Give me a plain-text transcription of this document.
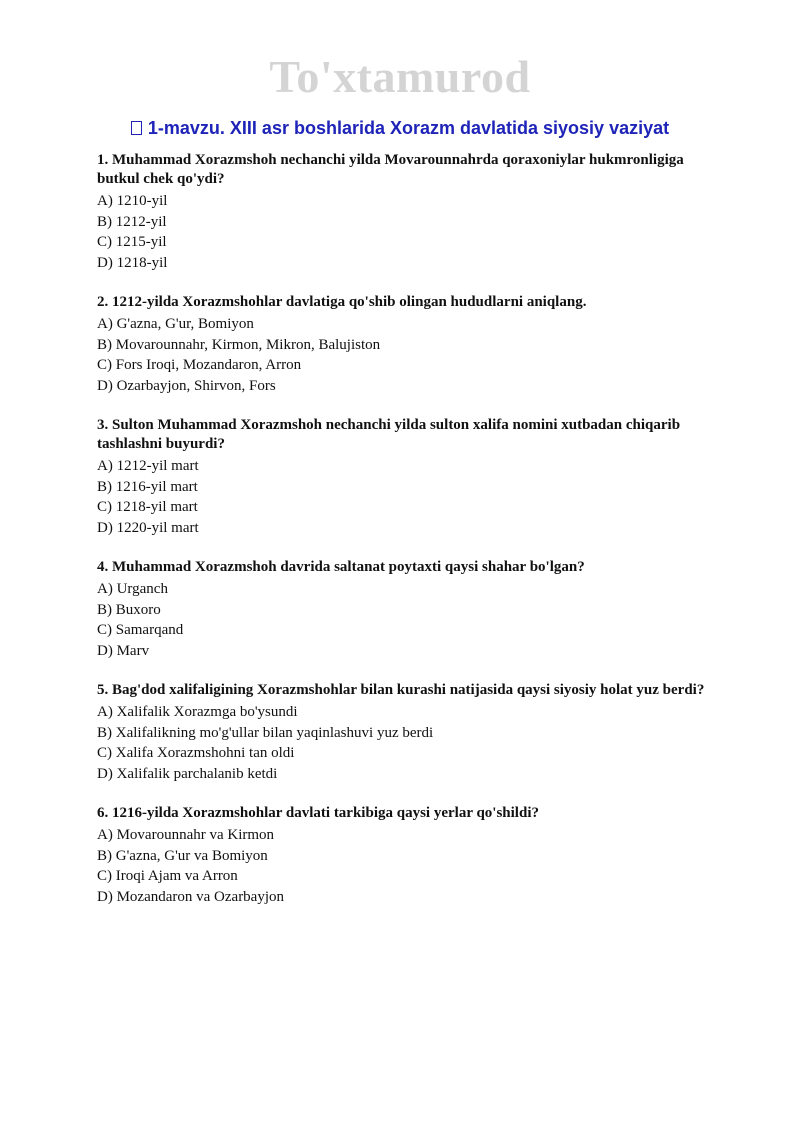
To'xtamurod
1-mavzu. XIII asr boshlarida Xorazm davlatida siyosiy vaziyat
1. Muhammad Xorazmshoh nechanchi yilda Movarounnahrda qoraxoniylar hukmronligiga butkul chek qo'ydi?
A) 1210-yil
B) 1212-yil
C) 1215-yil
D) 1218-yil
2. 1212-yilda Xorazmshohlar davlatiga qo'shib olingan hududlarni aniqlang.
A) G'azna, G'ur, Bomiyon
B) Movarounnahr, Kirmon, Mikron, Balujiston
C) Fors Iroqi, Mozandaron, Arron
D) Ozarbayjon, Shirvon, Fors
3. Sulton Muhammad Xorazmshoh nechanchi yilda sulton xalifa nomini xutbadan chiqarib tashlashni buyurdi?
A) 1212-yil mart
B) 1216-yil mart
C) 1218-yil mart
D) 1220-yil mart
4. Muhammad Xorazmshoh davrida saltanat poytaxti qaysi shahar bo'lgan?
A) Urganch
B) Buxoro
C) Samarqand
D) Marv
5. Bag'dod xalifaligining Xorazmshohlar bilan kurashi natijasida qaysi siyosiy holat yuz berdi?
A) Xalifalik Xorazmga bo'ysundi
B) Xalifalikning mo'g'ullar bilan yaqinlashuvi yuz berdi
C) Xalifa Xorazmshohni tan oldi
D) Xalifalik parchalanib ketdi
6. 1216-yilda Xorazmshohlar davlati tarkibiga qaysi yerlar qo'shildi?
A) Movarounnahr va Kirmon
B) G'azna, G'ur va Bomiyon
C) Iroqi Ajam va Arron
D) Mozandaron va Ozarbayjon
